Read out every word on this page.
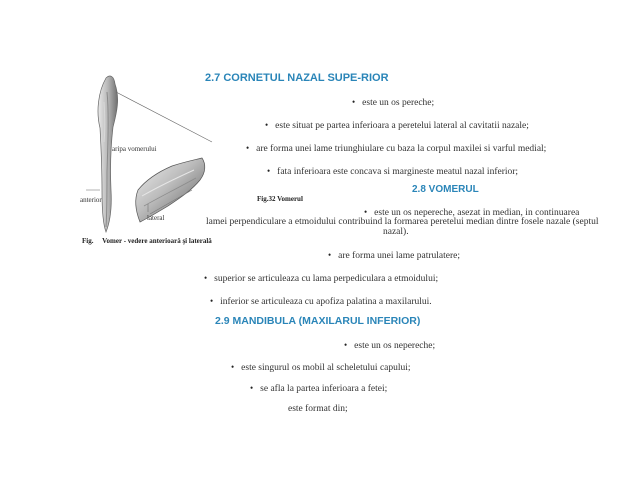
aripa vomerului
anterior
lateral
Fig. Vomer - vedere anterioară şi laterală
Fig.32 Vomerul
2.7 CORNETUL NAZAL SUPE-RIOR
• este un os pereche;
• este situat pe partea inferioara a peretelui lateral al cavitatii nazale;
• are forma unei lame triunghiulare cu baza la corpul maxilei si varful medial;
• fata inferioara este concava si margineste meatul nazal inferior;
2.8 VOMERUL
• este un os nepereche, asezat in median, in continuarea
lamei perpendiculare a etmoidului contribuind la formarea peretelui median dintre fosele nazale (septul
nazal).
• are forma unei lame patrulatere;
• superior se articuleaza cu lama perpediculara a etmoidului;
• inferior se articuleaza cu apofiza palatina a maxilarului.
2.9 MANDIBULA (MAXILARUL INFERIOR)
• este un os nepereche;
• este singurul os mobil al scheletului capului;
• se afla la partea inferioara a fetei;
este format din;
